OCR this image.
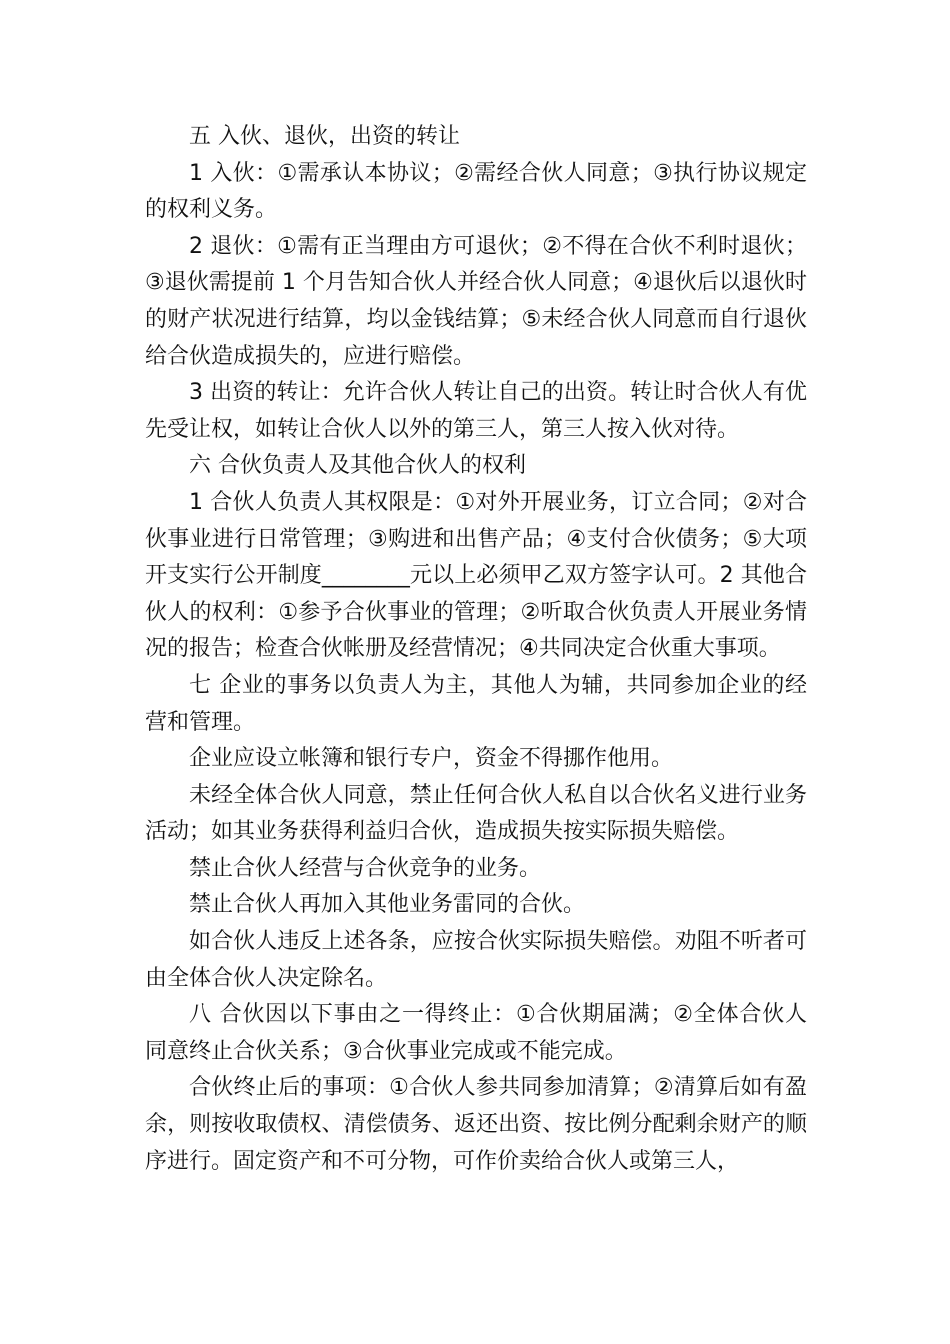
五 入伙、退伙，出资的转让

1 入伙：①需承认本协议；②需经合伙人同意；③执行协议规定的权利义务。

2 退伙：①需有正当理由方可退伙；②不得在合伙不利时退伙；③退伙需提前 1 个月告知合伙人并经合伙人同意；④退伙后以退伙时的财产状况进行结算，均以金钱结算；⑤未经合伙人同意而自行退伙给合伙造成损失的，应进行赔偿。

3 出资的转让：允许合伙人转让自己的出资。转让时合伙人有优先受让权，如转让合伙人以外的第三人，第三人按入伙对待。

六 合伙负责人及其他合伙人的权利

1 合伙人负责人其权限是：①对外开展业务，订立合同；②对合伙事业进行日常管理；③购进和出售产品；④支付合伙债务；⑤大项开支实行公开制度________元以上必须甲乙双方签字认可。2 其他合伙人的权利：①参予合伙事业的管理；②听取合伙负责人开展业务情况的报告；检查合伙帐册及经营情况；④共同决定合伙重大事项。

七 企业的事务以负责人为主，其他人为辅，共同参加企业的经营和管理。

企业应设立帐簿和银行专户，资金不得挪作他用。

未经全体合伙人同意，禁止任何合伙人私自以合伙名义进行业务活动；如其业务获得利益归合伙，造成损失按实际损失赔偿。

禁止合伙人经营与合伙竞争的业务。

禁止合伙人再加入其他业务雷同的合伙。

如合伙人违反上述各条，应按合伙实际损失赔偿。劝阻不听者可由全体合伙人决定除名。

八 合伙因以下事由之一得终止：①合伙期届满；②全体合伙人同意终止合伙关系；③合伙事业完成或不能完成。

合伙终止后的事项：①合伙人参共同参加清算；②清算后如有盈余，则按收取债权、清偿债务、返还出资、按比例分配剩余财产的顺序进行。固定资产和不可分物，可作价卖给合伙人或第三人，
